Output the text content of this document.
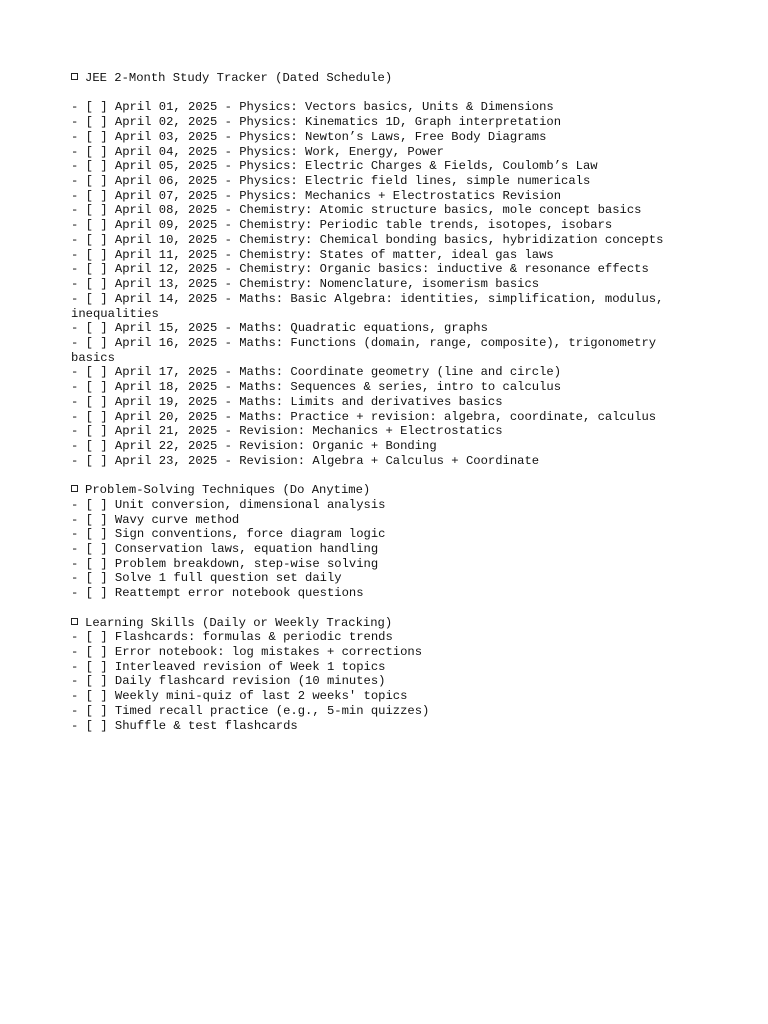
JEE 2-Month Study Tracker (Dated Schedule)
- [ ] April 01, 2025 - Physics: Vectors basics, Units & Dimensions
- [ ] April 02, 2025 - Physics: Kinematics 1D, Graph interpretation
- [ ] April 03, 2025 - Physics: Newton’s Laws, Free Body Diagrams
- [ ] April 04, 2025 - Physics: Work, Energy, Power
- [ ] April 05, 2025 - Physics: Electric Charges & Fields, Coulomb’s Law
- [ ] April 06, 2025 - Physics: Electric field lines, simple numericals
- [ ] April 07, 2025 - Physics: Mechanics + Electrostatics Revision
- [ ] April 08, 2025 - Chemistry: Atomic structure basics, mole concept basics
- [ ] April 09, 2025 - Chemistry: Periodic table trends, isotopes, isobars
- [ ] April 10, 2025 - Chemistry: Chemical bonding basics, hybridization concepts
- [ ] April 11, 2025 - Chemistry: States of matter, ideal gas laws
- [ ] April 12, 2025 - Chemistry: Organic basics: inductive & resonance effects
- [ ] April 13, 2025 - Chemistry: Nomenclature, isomerism basics
- [ ] April 14, 2025 - Maths: Basic Algebra: identities, simplification, modulus, inequalities
- [ ] April 15, 2025 - Maths: Quadratic equations, graphs
- [ ] April 16, 2025 - Maths: Functions (domain, range, composite), trigonometry basics
- [ ] April 17, 2025 - Maths: Coordinate geometry (line and circle)
- [ ] April 18, 2025 - Maths: Sequences & series, intro to calculus
- [ ] April 19, 2025 - Maths: Limits and derivatives basics
- [ ] April 20, 2025 - Maths: Practice + revision: algebra, coordinate, calculus
- [ ] April 21, 2025 - Revision: Mechanics + Electrostatics
- [ ] April 22, 2025 - Revision: Organic + Bonding
- [ ] April 23, 2025 - Revision: Algebra + Calculus + Coordinate
Problem-Solving Techniques (Do Anytime)
- [ ] Unit conversion, dimensional analysis
- [ ] Wavy curve method
- [ ] Sign conventions, force diagram logic
- [ ] Conservation laws, equation handling
- [ ] Problem breakdown, step-wise solving
- [ ] Solve 1 full question set daily
- [ ] Reattempt error notebook questions
Learning Skills (Daily or Weekly Tracking)
- [ ] Flashcards: formulas & periodic trends
- [ ] Error notebook: log mistakes + corrections
- [ ] Interleaved revision of Week 1 topics
- [ ] Daily flashcard revision (10 minutes)
- [ ] Weekly mini-quiz of last 2 weeks' topics
- [ ] Timed recall practice (e.g., 5-min quizzes)
- [ ] Shuffle & test flashcards
